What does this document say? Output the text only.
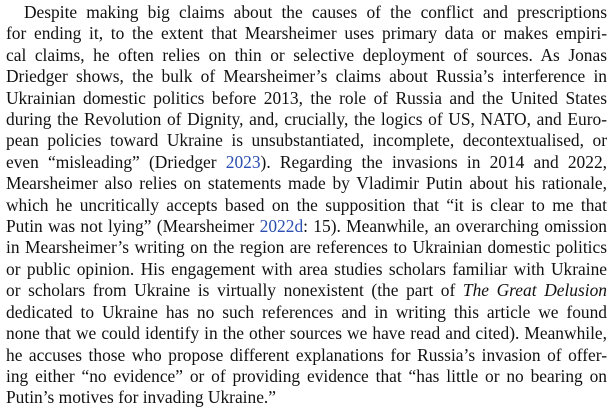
Despite making big claims about the causes of the conflict and prescriptions
for ending it, to the extent that Mearsheimer uses primary data or makes empiri-
cal claims, he often relies on thin or selective deployment of sources. As Jonas
Driedger shows, the bulk of Mearsheimer’s claims about Russia’s interference in
Ukrainian domestic politics before 2013, the role of Russia and the United States
during the Revolution of Dignity, and, crucially, the logics of US, NATO, and Euro-
pean policies toward Ukraine is unsubstantiated, incomplete, decontextualised, or
even “misleading” (Driedger 2023). Regarding the invasions in 2014 and 2022,
Mearsheimer also relies on statements made by Vladimir Putin about his rationale,
which he uncritically accepts based on the supposition that “it is clear to me that
Putin was not lying” (Mearsheimer 2022d: 15). Meanwhile, an overarching omission
in Mearsheimer’s writing on the region are references to Ukrainian domestic politics
or public opinion. His engagement with area studies scholars familiar with Ukraine
or scholars from Ukraine is virtually nonexistent (the part of The Great Delusion
dedicated to Ukraine has no such references and in writing this article we found
none that we could identify in the other sources we have read and cited). Meanwhile,
he accuses those who propose different explanations for Russia’s invasion of offer-
ing either “no evidence” or of providing evidence that “has little or no bearing on
Putin’s motives for invading Ukraine.”
